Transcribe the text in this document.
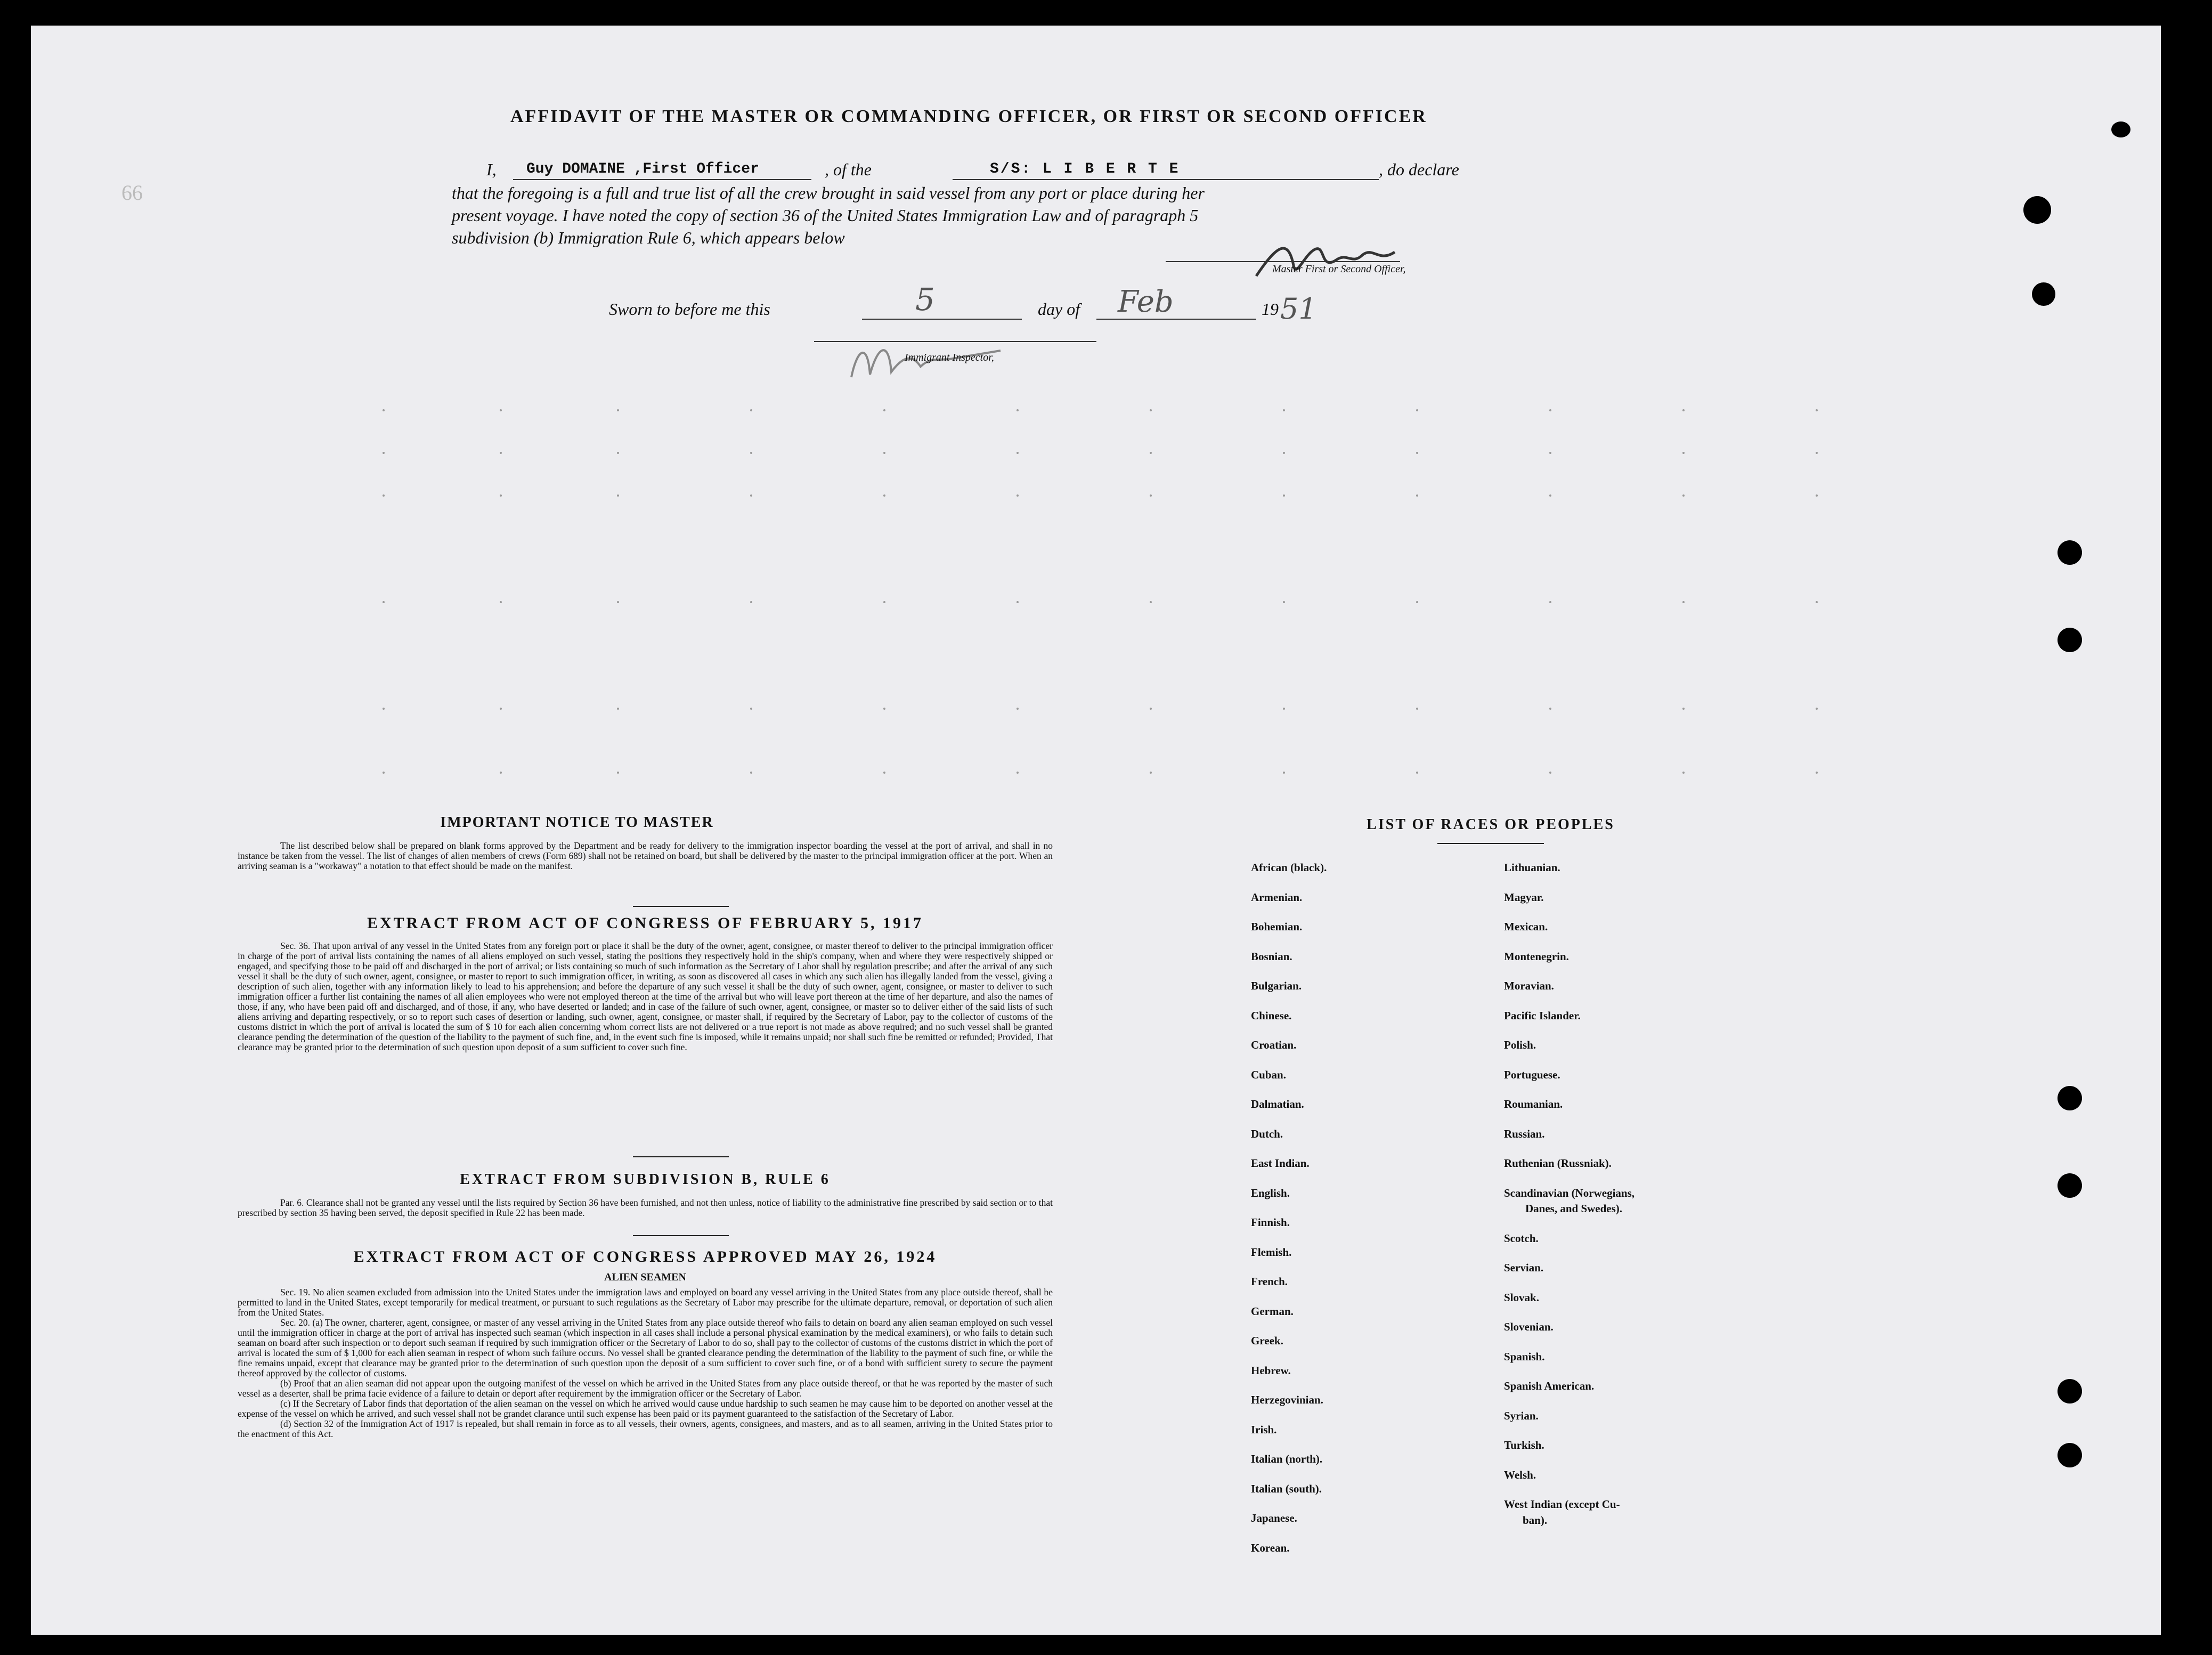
66
AFFIDAVIT OF THE MASTER OR COMMANDING OFFICER, OR FIRST OR SECOND OFFICER
I, Guy DOMAINE ,First Officer	, of the	S/S: L I B E R T E	, do declare
that the foregoing is a full and true list of all the crew brought in said vessel from any port or place during her
present voyage. I have noted the copy of section 36 of the United States Immigration Law and of paragraph 5
subdivision (b) Immigration Rule 6, which appears below
Master First or Second Officer,
Sworn to before me this	5	day of Feb	19 51
Immigrant Inspector,
IMPORTANT NOTICE TO MASTER

The list described below shall be prepared on blank forms approved by the Department and be ready for delivery to the immigration inspector boarding the vessel at the port of arrival, and shall in no instance be taken from the vessel. The list of changes of alien members of crews (Form 689) shall not be retained on board, but shall be delivered by the master to the principal immigration officer at the port. When an arriving seaman is a "workaway" a notation to that effect should be made on the manifest.

EXTRACT FROM ACT OF CONGRESS OF FEBRUARY 5, 1917

Sec. 36. That upon arrival of any vessel in the United States from any foreign port or place it shall be the duty of the owner, agent, consignee, or master thereof to deliver to the principal immigration officer in charge of the port of arrival lists containing the names of all aliens employed on such vessel, stating the positions they respectively hold in the ship's company, when and where they were respectively shipped or engaged, and specifying those to be paid off and discharged in the port of arrival; or lists containing so much of such information as the Secretary of Labor shall by regulation prescribe; and after the arrival of any such vessel it shall be the duty of such owner, agent, consignee, or master to report to such immigration officer, in writing, as soon as discovered all cases in which any such alien has illegally landed from the vessel, giving a description of such alien, together with any information likely to lead to his apprehension; and before the departure of any such vessel it shall be the duty of such owner, agent, consignee, or master to deliver to such immigration officer a further list containing the names of all alien employees who were not employed thereon at the time of the arrival but who will leave port thereon at the time of her departure, and also the names of those, if any, who have been paid off and discharged, and of those, if any, who have deserted or landed; and in case of the failure of such owner, agent, consignee, or master so to deliver either of the said lists of such aliens arriving and departing respectively, or so to report such cases of desertion or landing, such owner, agent, consignee, or master shall, if required by the Secretary of Labor, pay to the collector of customs of the customs district in which the port of arrival is located the sum of $ 10 for each alien concerning whom correct lists are not delivered or a true report is not made as above required; and no such vessel shall be granted clearance pending the determination of the question of the liability to the payment of such fine, and, in the event such fine is imposed, while it remains unpaid; nor shall such fine be remitted or refunded; Provided, That clearance may be granted prior to the determination of such question upon deposit of a sum sufficient to cover such fine.

EXTRACT FROM SUBDIVISION B, RULE 6

Par. 6. Clearance shall not be granted any vessel until the lists required by Section 36 have been furnished, and not then unless, notice of liability to the administrative fine prescribed by said section or to that prescribed by section 35 having been served, the deposit specified in Rule 22 has been made.

EXTRACT FROM ACT OF CONGRESS APPROVED MAY 26, 1924
ALIEN SEAMEN

Sec. 19. No alien seamen excluded from admission into the United States under the immigration laws and employed on board any vessel arriving in the United States from any place outside thereof, shall be permitted to land in the United States, except temporarily for medical treatment, or pursuant to such regulations as the Secretary of Labor may prescribe for the ultimate departure, removal, or deportation of such alien from the United States.

Sec. 20. (a) The owner, charterer, agent, consignee, or master of any vessel arriving in the United States from any place outside thereof who fails to detain on board any alien seaman employed on such vessel until the immigration officer in charge at the port of arrival has inspected such seaman (which inspection in all cases shall include a personal physical examination by the medical examiners), or who fails to detain such seaman on board after such inspection or to deport such seaman if required by such immigration officer or the Secretary of Labor to do so, shall pay to the collector of customs of the customs district in which the port of arrival is located the sum of $ 1,000 for each alien seaman in respect of whom such failure occurs. No vessel shall be granted clearance pending the determination of the liability to the payment of such fine, or while the fine remains unpaid, except that clearance may be granted prior to the determination of such question upon the deposit of a sum sufficient to cover such fine, or of a bond with sufficient surety to secure the payment thereof approved by the collector of customs.

(b) Proof that an alien seaman did not appear upon the outgoing manifest of the vessel on which he arrived in the United States from any place outside thereof, or that he was reported by the master of such vessel as a deserter, shall be prima facie evidence of a failure to detain or deport after requirement by the immigration officer or the Secretary of Labor.

(c) If the Secretary of Labor finds that deportation of the alien seaman on the vessel on which he arrived would cause undue hardship to such seamen he may cause him to be deported on another vessel at the expense of the vessel on which he arrived, and such vessel shall not be grandet clarance until such expense has been paid or its payment guaranteed to the satisfaction of the Secretary of Labor.

(d) Section 32 of the Immigration Act of 1917 is repealed, but shall remain in force as to all vessels, their owners, agents, consignees, and masters, and as to all seamen, arriving in the United States prior to the enactment of this Act.

LIST OF RACES OR PEOPLES
African (black).
Armenian.
Bohemian.
Bosnian.
Bulgarian.
Chinese.
Croatian.
Cuban.
Dalmatian.
Dutch.
East Indian.
English.
Finnish.
Flemish.
French.
German.
Greek.
Hebrew.
Herzegovinian.
Irish.
Italian (north).
Italian (south).
Japanese.
Korean.
Lithuanian.
Magyar.
Mexican.
Montenegrin.
Moravian.
Pacific Islander.
Polish.
Portuguese.
Roumanian.
Russian.
Ruthenian (Russniak).
Scandinavian (Norwegians,
Danes, and Swedes).
Scotch.
Servian.
Slovak.
Slovenian.
Spanish.
Spanish American.
Syrian.
Turkish.
Welsh.
West Indian (except Cu-
ban).
